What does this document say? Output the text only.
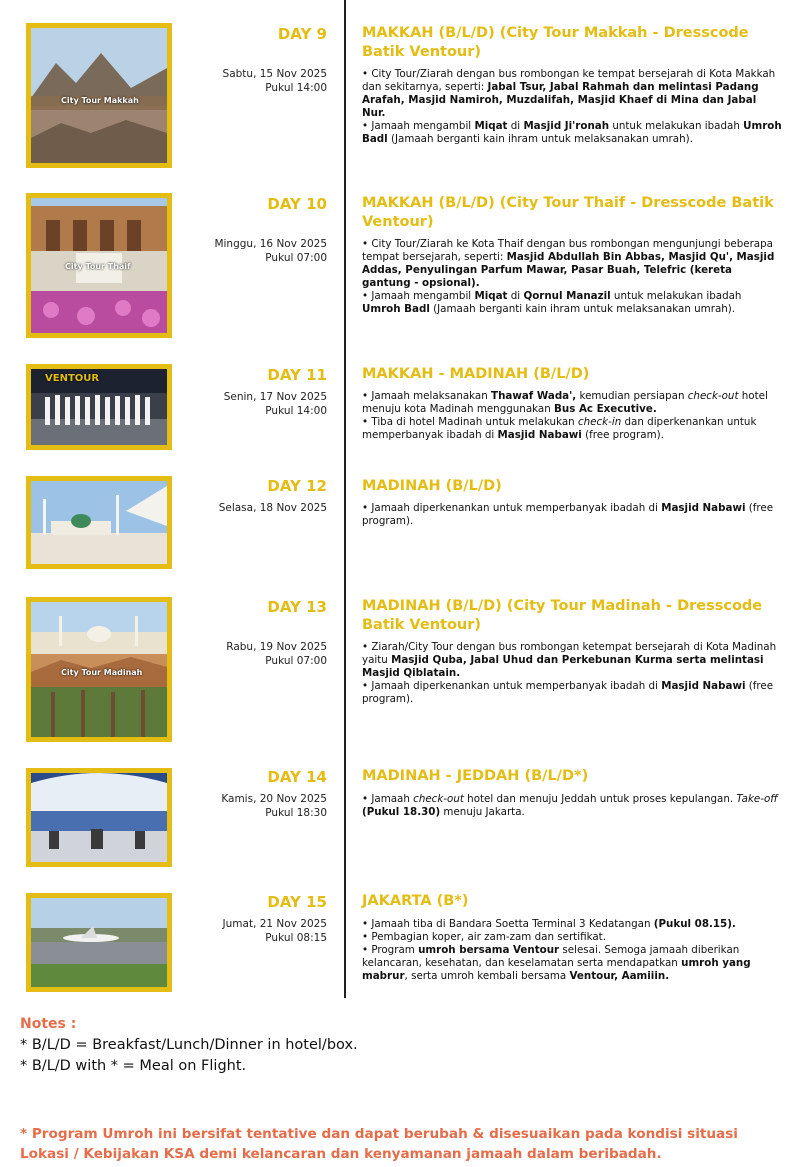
City Tour Makkah
DAY 9
Sabtu, 15 Nov 2025
Pukul 14:00
MAKKAH (B/L/D) (City Tour Makkah - Dresscode Batik Ventour)

• City Tour/Ziarah dengan bus rombongan ke tempat bersejarah di Kota Makkah dan sekitarnya, seperti: Jabal Tsur, Jabal Rahmah dan melintasi Padang Arafah, Masjid Namiroh, Muzdalifah, Masjid Khaef di Mina dan Jabal Nur.

• Jamaah mengambil Miqat di Masjid Ji'ronah untuk melakukan ibadah Umroh Badl (Jamaah berganti kain ihram untuk melaksanakan umrah).

City Tour Thaif
DAY 10
Minggu, 16 Nov 2025
Pukul 07:00
MAKKAH (B/L/D) (City Tour Thaif - Dresscode Batik Ventour)

• City Tour/Ziarah ke Kota Thaif dengan bus rombongan mengunjungi beberapa tempat bersejarah, seperti: Masjid Abdullah Bin Abbas, Masjid Qu', Masjid Addas, Penyulingan Parfum Mawar, Pasar Buah, Telefric (kereta gantung - opsional).

• Jamaah mengambil Miqat di Qornul Manazil untuk melakukan ibadah Umroh Badl (Jamaah berganti kain ihram untuk melaksanakan umrah).

VENTOUR	DAY 11
Senin, 17 Nov 2025
Pukul 14:00
MAKKAH - MADINAH (B/L/D)

• Jamaah melaksanakan Thawaf Wada', kemudian persiapan check-out hotel menuju kota Madinah menggunakan Bus Ac Executive.

• Tiba di hotel Madinah untuk melakukan check-in dan diperkenankan untuk memperbanyak ibadah di Masjid Nabawi (free program).

DAY 12
Selasa, 18 Nov 2025
MADINAH (B/L/D)

• Jamaah diperkenankan untuk memperbanyak ibadah di Masjid Nabawi (free program).

City Tour Madinah
DAY 13
Rabu, 19 Nov 2025
Pukul 07:00
MADINAH (B/L/D) (City Tour Madinah - Dresscode Batik Ventour)

• Ziarah/City Tour dengan bus rombongan ketempat bersejarah di Kota Madinah yaitu Masjid Quba, Jabal Uhud dan Perkebunan Kurma serta melintasi Masjid Qiblatain.

• Jamaah diperkenankan untuk memperbanyak ibadah di Masjid Nabawi (free program).

DAY 14
Kamis, 20 Nov 2025
Pukul 18:30
MADINAH - JEDDAH (B/L/D*)

• Jamaah check-out hotel dan menuju Jeddah untuk proses kepulangan. Take-off (Pukul 18.30) menuju Jakarta.

DAY 15
Jumat, 21 Nov 2025
Pukul 08:15
JAKARTA (B*)

• Jamaah tiba di Bandara Soetta Terminal 3 Kedatangan (Pukul 08.15).

• Pembagian koper, air zam-zam dan sertifikat.

• Program umroh bersama Ventour selesai. Semoga jamaah diberikan kelancaran, kesehatan, dan keselamatan serta mendapatkan umroh yang mabrur, serta umroh kembali bersama Ventour, Aamiiin.

Notes :
* B/L/D = Breakfast/Lunch/Dinner in hotel/box.
* B/L/D with * = Meal on Flight.
* Program Umroh ini bersifat tentative dan dapat berubah & disesuaikan pada kondisi situasi Lokasi / Kebijakan KSA demi kelancaran dan kenyamanan jamaah dalam beribadah.
